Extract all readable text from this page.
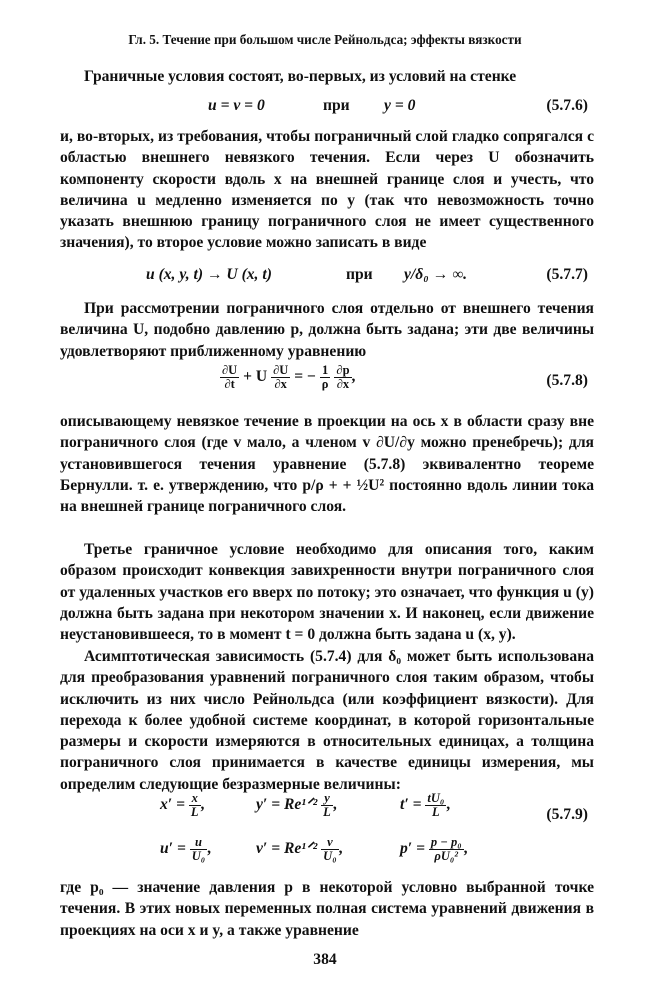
Гл. 5. Течение при большом числе Рейнольдса; эффекты вязкости
Граничные условия состоят, во-первых, из условий на стенке
u = v = 0	при y = 0	(5.7.6)
и, во-вторых, из требования, чтобы пограничный слой гладко сопрягался с областью внешнего невязкого течения. Если через U обозначить компоненту скорости вдоль x на внешней границе слоя и учесть, что величина u медленно изменяется по y (так что невозможность точно указать внешнюю границу пограничного слоя не имеет существенного значения), то второе условие можно записать в виде
u (x, y, t) → U (x, t)	при y/δ₀ → ∞.	(5.7.7)
При рассмотрении пограничного слоя отдельно от внешнего течения величина U, подобно давлению p, должна быть задана; эти две величины удовлетворяют приближенному уравнению
$\frac{\partial U}{\partial t} + U \frac{\partial U}{\partial x}$ = − $\frac{1}{\rho}$
$\frac{\partial p}{\partial x}$ ,	(5.7.8)
описывающему невязкое течение в проекции на ось x в области сразу вне пограничного слоя (где v мало, а членом v ∂U/∂y можно пренебречь); для установившегося течения уравнение (5.7.8) эквивалентно теореме Бернулли. т. е. утверждению, что p/ρ + + ½U² постоянно вдоль линии тока на внешней границе пограничного слоя.
Третье граничное условие необходимо для описания того, каким образом происходит конвекция завихренности внутри пограничного слоя от удаленных участков его вверх по потоку; это означает, что функция u (y) должна быть задана при некотором значении x. И наконец, если движение неустановившееся, то в момент t = 0 должна быть задана u (x, y).
Асимптотическая зависимость (5.7.4) для δ₀ может быть использована для преобразования уравнений пограничного слоя таким образом, чтобы исключить из них число Рейнольдса (или коэффициент вязкости). Для перехода к более удобной системе координат, в которой горизонтальные размеры и скорости измеряются в относительных единицах, а толщина пограничного слоя принимается в качестве единицы измерения, мы определим следующие безразмерные величины:
$x' = \frac{x}{L}$ ,	y′ = Re¹ᐟ² $\frac{y}{L}$ ,	$t' = \frac{\text{tU₀}}{L}$ ,
(5.7.9)
$u' = \frac{u}{\text{U₀}}$ ,	v′ = Re¹ᐟ² $\frac{v}{\text{U₀}}$ ,	$p' = \frac{\text{p − p₀}}{\text{ρU₀²}}$ ,
где p₀ — значение давления p в некоторой условно выбранной точке течения. В этих новых переменных полная система уравнений движения в проекциях на оси x и y, а также уравнение
384
